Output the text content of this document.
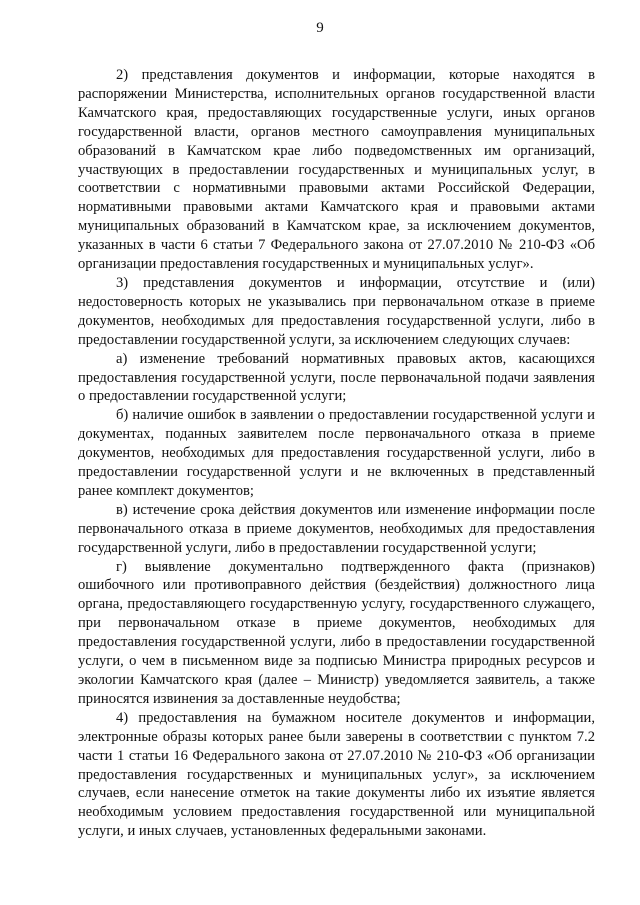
9

2) представления документов и информации, которые находятся в распоряжении Министерства, исполнительных органов государственной власти Камчатского края, предоставляющих государственные услуги, иных органов государственной власти, органов местного самоуправления муниципальных образований в Камчатском крае либо подведомственных им организаций, участвующих в предоставлении государственных и муниципальных услуг, в соответствии с нормативными правовыми актами Российской Федерации, нормативными правовыми актами Камчатского края и правовыми актами муниципальных образований в Камчатском крае, за исключением документов, указанных в части 6 статьи 7 Федерального закона от 27.07.2010 № 210-ФЗ «Об организации предоставления государственных и муниципальных услуг».

3) представления документов и информации, отсутствие и (или) недостоверность которых не указывались при первоначальном отказе в приеме документов, необходимых для предоставления государственной услуги, либо в предоставлении государственной услуги, за исключением следующих случаев:

а) изменение требований нормативных правовых актов, касающихся предоставления государственной услуги, после первоначальной подачи заявления о предоставлении государственной услуги;

б) наличие ошибок в заявлении о предоставлении государственной услуги и документах, поданных заявителем после первоначального отказа в приеме документов, необходимых для предоставления государственной услуги, либо в предоставлении государственной услуги и не включенных в представленный ранее комплект документов;

в) истечение срока действия документов или изменение информации после первоначального отказа в приеме документов, необходимых для предоставления государственной услуги, либо в предоставлении государственной услуги;

г) выявление документально подтвержденного факта (признаков) ошибочного или противоправного действия (бездействия) должностного лица органа, предоставляющего государственную услугу, государственного служащего, при первоначальном отказе в приеме документов, необходимых для предоставления государственной услуги, либо в предоставлении государственной услуги, о чем в письменном виде за подписью Министра природных ресурсов и экологии Камчатского края (далее – Министр) уведомляется заявитель, а также приносятся извинения за доставленные неудобства;

4) предоставления на бумажном носителе документов и информации, электронные образы которых ранее были заверены в соответствии с пунктом 7.2 части 1 статьи 16 Федерального закона от 27.07.2010 № 210-ФЗ «Об организации предоставления государственных и муниципальных услуг», за исключением случаев, если нанесение отметок на такие документы либо их изъятие является необходимым условием предоставления государственной или муниципальной услуги, и иных случаев, установленных федеральными законами.
